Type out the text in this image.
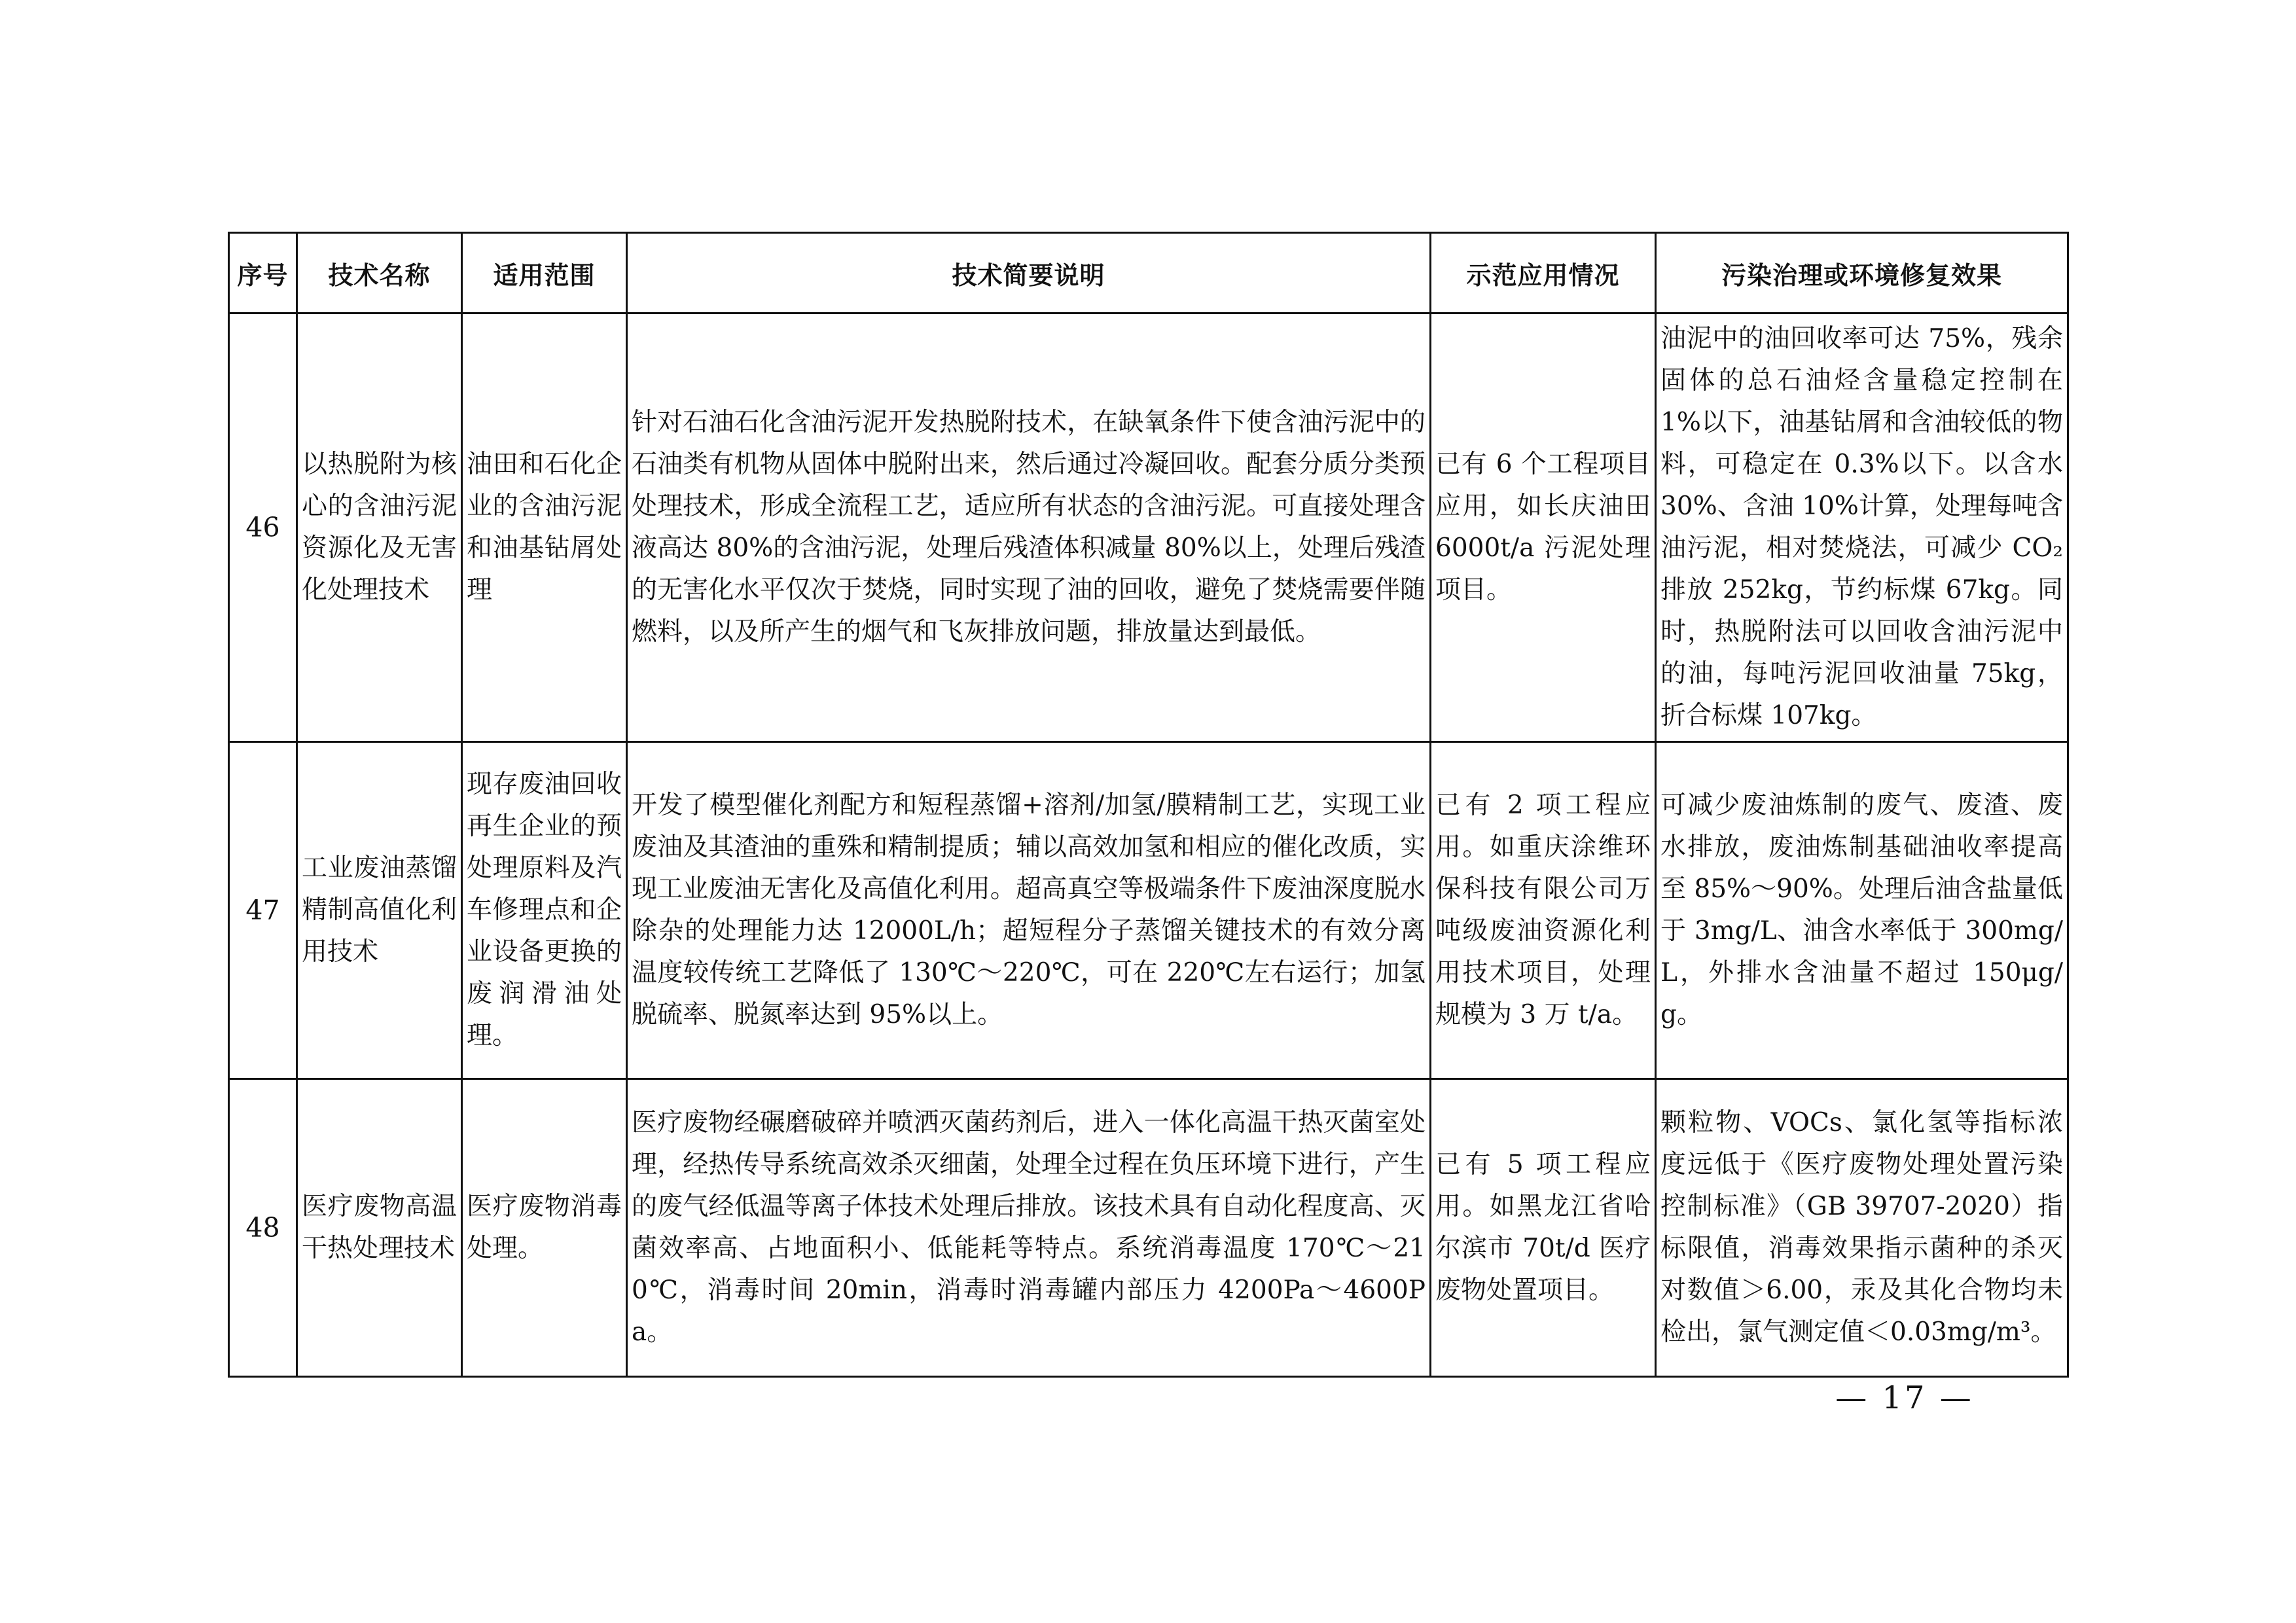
序号	技术名称	适用范围	技术简要说明	示范应用情况	污染治理或环境修复效果
46	以热脱附为核心的含油污泥资源化及无害化处理技术	油田和石化企业的含油污泥和油基钻屑处理	针对石油石化含油污泥开发热脱附技术，在缺氧条件下使含油污泥中的石油类有机物从固体中脱附出来，然后通过冷凝回收。配套分质分类预处理技术，形成全流程工艺，适应所有状态的含油污泥。可直接处理含液高达 80%的含油污泥，处理后残渣体积减量 80%以上，处理后残渣的无害化水平仅次于焚烧，同时实现了油的回收，避免了焚烧需要伴随燃料，以及所产生的烟气和飞灰排放问题，排放量达到最低。	已有 6 个工程项目应用，如长庆油田 6000t/a 污泥处理项目。	油泥中的油回收率可达 75%，残余固体的总石油烃含量稳定控制在 1%以下，油基钻屑和含油较低的物料，可稳定在 0.3%以下。以含水 30%、含油 10%计算，处理每吨含油污泥，相对焚烧法，可减少 CO₂ 排放 252kg，节约标煤 67kg。同时，热脱附法可以回收含油污泥中的油，每吨污泥回收油量 75kg，折合标煤 107kg。
47	工业废油蒸馏精制高值化利用技术	现存废油回收再生企业的预处理原料及汽车修理点和企业设备更换的废润滑油处理。	开发了模型催化剂配方和短程蒸馏+溶剂/加氢/膜精制工艺，实现工业废油及其渣油的重殊和精制提质；辅以高效加氢和相应的催化改质，实现工业废油无害化及高值化利用。超高真空等极端条件下废油深度脱水除杂的处理能力达 12000L/h；超短程分子蒸馏关键技术的有效分离温度较传统工艺降低了 130℃～220℃，可在 220℃左右运行；加氢脱硫率、脱氮率达到 95%以上。	已有 2 项工程应用。如重庆涂维环保科技有限公司万吨级废油资源化利用技术项目，处理规模为 3 万 t/a。	可减少废油炼制的废气、废渣、废水排放，废油炼制基础油收率提高至 85%～90%。处理后油含盐量低于 3mg/L、油含水率低于 300mg/L，外排水含油量不超过 150μg/g。
48	医疗废物高温干热处理技术	医疗废物消毒处理。	医疗废物经碾磨破碎并喷洒灭菌药剂后，进入一体化高温干热灭菌室处理，经热传导系统高效杀灭细菌，处理全过程在负压环境下进行，产生的废气经低温等离子体技术处理后排放。该技术具有自动化程度高、灭菌效率高、占地面积小、低能耗等特点。系统消毒温度 170℃～210℃，消毒时间 20min，消毒时消毒罐内部压力 4200Pa～4600Pa。	已有 5 项工程应用。如黑龙江省哈尔滨市 70t/d 医疗废物处置项目。	颗粒物、VOCs、氯化氢等指标浓度远低于《医疗废物处理处置污染控制标准》（GB 39707-2020）指标限值，消毒效果指示菌种的杀灭对数值＞6.00，汞及其化合物均未检出，氯气测定值＜0.03mg/m³。
— 17 —
